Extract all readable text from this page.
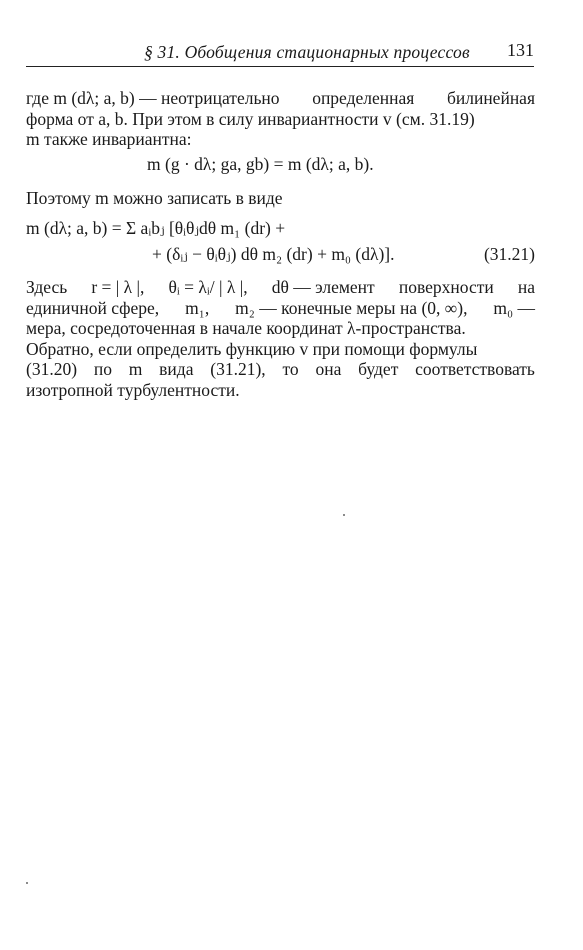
§ 31. Обобщения стационарных процессов 131
где m (dλ; a, b) — неотрицательно определенная билинейная
форма от a, b. При этом в силу инвариантности v (см. 31.19)
m также инвариантна:
m (g · dλ; ga, gb) = m (dλ; a, b).
Поэтому m можно записать в виде
m (dλ; a, b) = Σ aᵢbⱼ [θᵢθⱼdθ m₁ (dr) +
+ (δᵢⱼ − θᵢθⱼ) dθ m₂ (dr) + m₀ (dλ)].	(31.21)
Здесь r = | λ |, θᵢ = λᵢ/ | λ |, dθ — элемент поверхности на
единичной сфере, m₁, m₂ — конечные меры на (0, ∞), m₀ —
мера, сосредоточенная в начале координат λ-пространства.
Обратно, если определить функцию v при помощи формулы
(31.20) по m вида (31.21), то она будет соответствовать
изотропной турбулентности.
